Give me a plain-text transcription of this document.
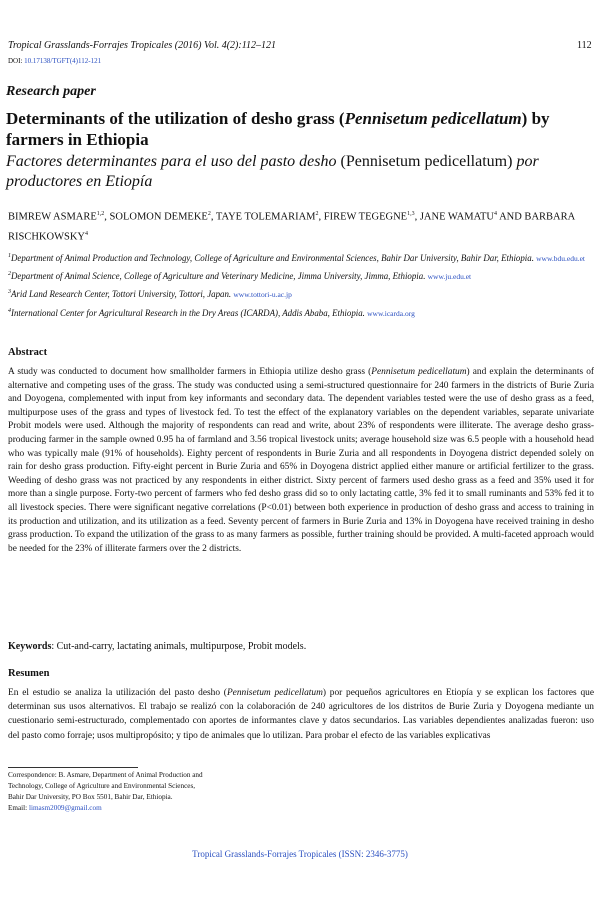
Tropical Grasslands-Forrajes Tropicales (2016) Vol. 4(2):112–121	112
DOI: 10.17138/TGFT(4)112-121
Research paper
Determinants of the utilization of desho grass (Pennisetum pedicellatum) by farmers in Ethiopia
Factores determinantes para el uso del pasto desho (Pennisetum pedicellatum) por productores en Etiopía
BIMREW ASMARE$^{1,2}$, SOLOMON DEMEKE$^2$, TAYE TOLEMARIAM$^2$, FIREW TEGEGNE$^{1,3}$, JANE WAMATU$^4$ AND BARBARA RISCHKOWSKY$^4$
$^1$Department of Animal Production and Technology, College of Agriculture and Environmental Sciences, Bahir Dar University, Bahir Dar, Ethiopia. www.bdu.edu.et
$^2$Department of Animal Science, College of Agriculture and Veterinary Medicine, Jimma University, Jimma, Ethiopia. www.ju.edu.et
$^3$Arid Land Research Center, Tottori University, Tottori, Japan. www.tottori-u.ac.jp
$^4$International Center for Agricultural Research in the Dry Areas (ICARDA), Addis Ababa, Ethiopia. www.icarda.org
Abstract
A study was conducted to document how smallholder farmers in Ethiopia utilize desho grass (Pennisetum pedicellatum) and explain the determinants of alternative and competing uses of the grass. The study was conducted using a semi-structured questionnaire for 240 farmers in the districts of Burie Zuria and Doyogena, complemented with input from key informants and secondary data. The dependent variables tested were the use of desho grass as a feed, multipurpose uses of the grass and types of livestock fed. To test the effect of the explanatory variables on the dependent variables, separate univariate Probit models were used. Although the majority of respondents can read and write, about 23% of respondents were illiterate. The average desho grass-producing farmer in the sample owned 0.95 ha of farmland and 3.56 tropical livestock units; average household size was 6.5 people with a household head who was typically male (91% of households). Eighty percent of respondents in Burie Zuria and all respondents in Doyogena district depended solely on rain for desho grass production. Fifty-eight percent in Burie Zuria and 65% in Doyogena district applied either manure or artificial fertilizer to the grass. Weeding of desho grass was not practiced by any respondents in either district. Sixty percent of farmers used desho grass as a feed and 35% used it for more than a single purpose. Forty-two percent of farmers who fed desho grass did so to only lactating cattle, 3% fed it to small ruminants and 53% fed it to all livestock species. There were significant negative correlations (P<0.01) between both experience in production of desho grass and access to training in its production and utilization, and its utilization as a feed. Seventy percent of farmers in Burie Zuria and 13% in Doyogena have received training in desho grass production. To expand the utilization of the grass to as many farmers as possible, further training should be provided. A multi-faceted approach would be needed for the 23% of illiterate farmers over the 2 districts.
Keywords: Cut-and-carry, lactating animals, multipurpose, Probit models.
Resumen
En el estudio se analiza la utilización del pasto desho (Pennisetum pedicellatum) por pequeños agricultores en Etiopía y se explican los factores que determinan sus usos alternativos. El trabajo se realizó con la colaboración de 240 agricultores de los distritos de Burie Zuria y Doyogena mediante un cuestionario semi-estructurado, complementado con aportes de informantes clave y datos secundarios. Las variables dependientes analizadas fueron: uso del pasto como forraje; usos multipropósito; y tipo de animales que lo utilizan. Para probar el efecto de las variables explicativas
Correspondence: B. Asmare, Department of Animal Production and
Technology, College of Agriculture and Environmental Sciences,
Bahir Dar University, PO Box 5501, Bahir Dar, Ethiopia.
Email: limasm2009@gmail.com
Tropical Grasslands-Forrajes Tropicales (ISSN: 2346-3775)
